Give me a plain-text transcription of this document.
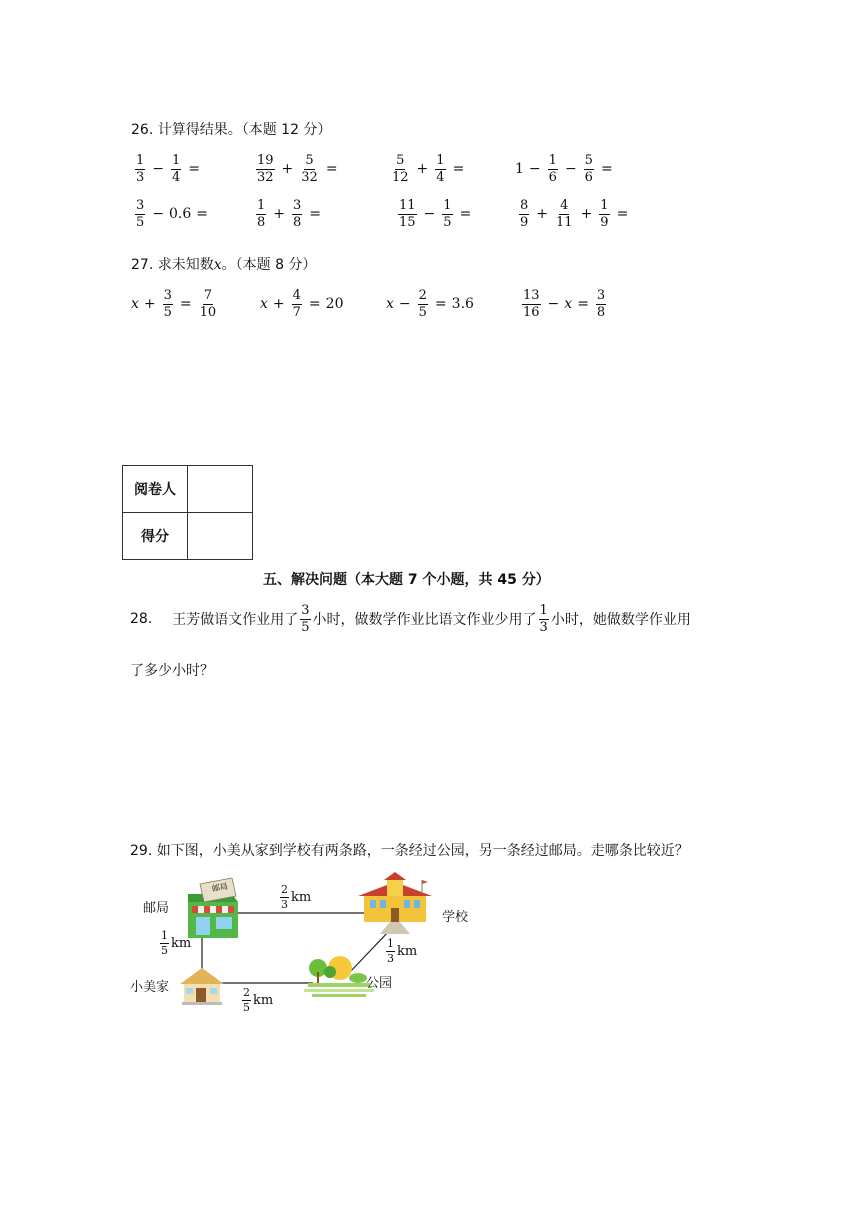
26. 计算得结果。（本题 12 分）
$\frac{1}{3} - \frac{1}{4}$ =	$\frac{19}{32} + \frac{5}{32}$ =	$\frac{5}{12} + \frac{1}{4}$ =	$1 - \frac{1}{6} - \frac{5}{6}$ =
$\frac{3}{5} - 0.6$ =	$\frac{1}{8} + \frac{3}{8}$ =	$\frac{11}{15} - \frac{1}{5}$ =	$\frac{8}{9} + \frac{4}{11} + \frac{1}{9}$ =
27. 求未知数x。（本题 8 分）
$x + \frac{3}{5} = \frac{7}{10}$	$x + \frac{4}{7} = 20$	$x - \frac{2}{5} = 3.6$	$\frac{13}{16} - x = \frac{3}{8}$
阅卷人	
得分	
五、解决问题（本大题 7 个小题，共 45 分）
28. 王芳做语文作业用了 $\frac{3}{5}$ 小时，做数学作业比语文作业少用了 $\frac{1}{3}$ 小时，她做数学作业用
了多少小时？
29. 如下图，小美从家到学校有两条路，一条经过公园，另一条经过邮局。走哪条比较近？
邮局
邮局
学校
小美家	公园
$\frac{2}{3}$ km
$\frac{1}{5}$ km
$\frac{2}{5}$ km
$\frac{1}{3}$ km
